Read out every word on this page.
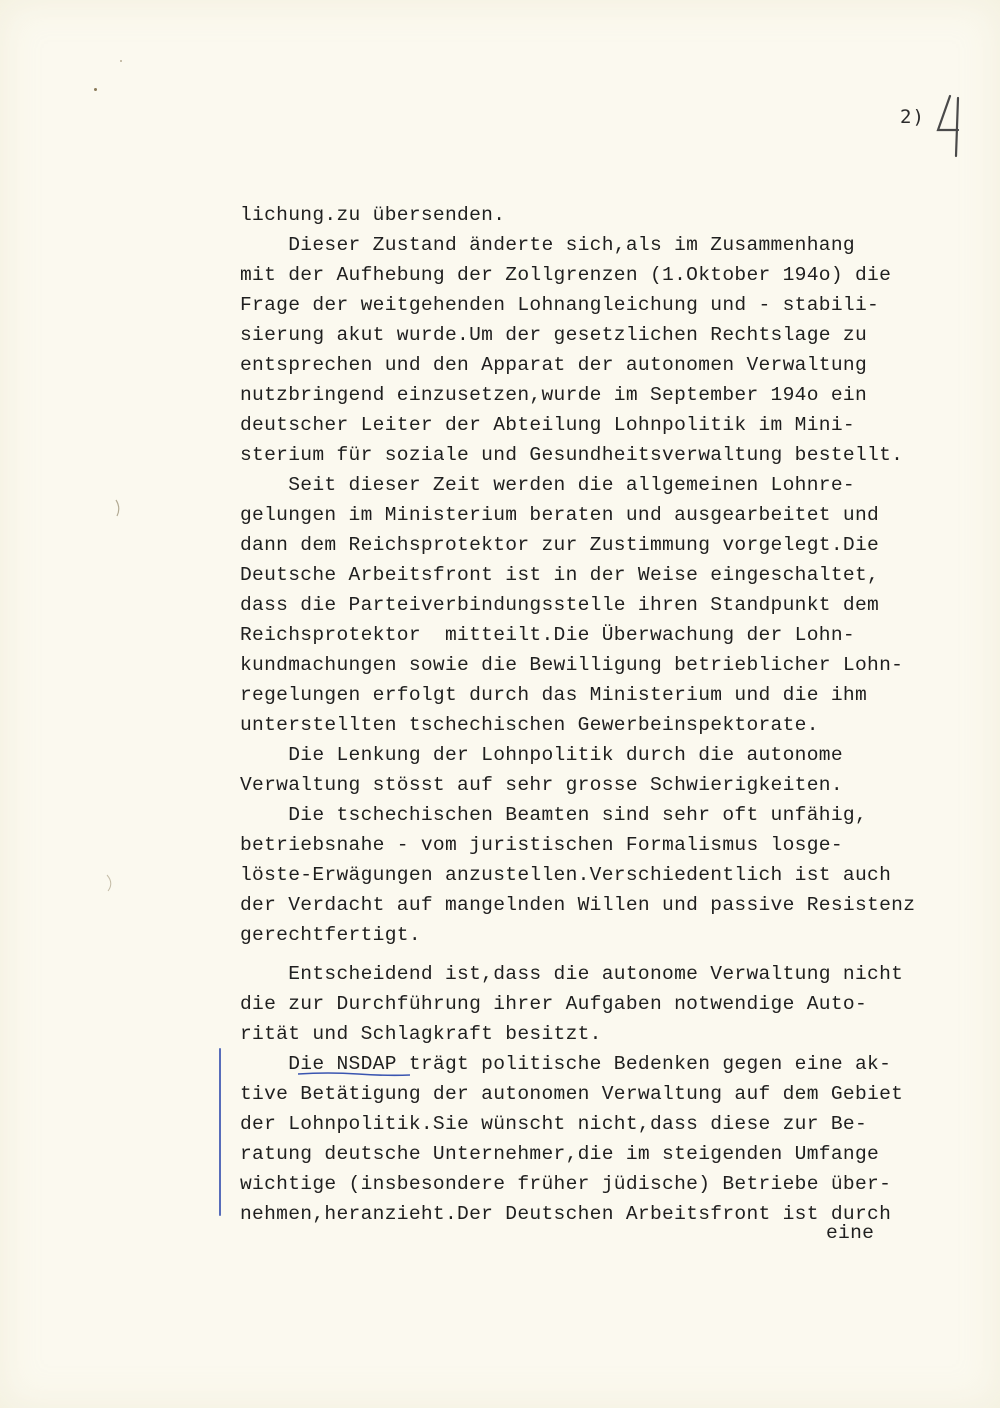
2)
lichung.zu übersenden.
Dieser Zustand änderte sich,als im Zusammenhang
mit der Aufhebung der Zollgrenzen (1.Oktober 194o) die
Frage der weitgehenden Lohnangleichung und - stabili-
sierung akut wurde.Um der gesetzlichen Rechtslage zu
entsprechen und den Apparat der autonomen Verwaltung
nutzbringend einzusetzen,wurde im September 194o ein
deutscher Leiter der Abteilung Lohnpolitik im Mini-
sterium für soziale und Gesundheitsverwaltung bestellt.
Seit dieser Zeit werden die allgemeinen Lohnre-
gelungen im Ministerium beraten und ausgearbeitet und
dann dem Reichsprotektor zur Zustimmung vorgelegt.Die
Deutsche Arbeitsfront ist in der Weise eingeschaltet,
dass die Parteiverbindungsstelle ihren Standpunkt dem
Reichsprotektor  mitteilt.Die Überwachung der Lohn-
kundmachungen sowie die Bewilligung betrieblicher Lohn-
regelungen erfolgt durch das Ministerium und die ihm
unterstellten tschechischen Gewerbeinspektorate.
Die Lenkung der Lohnpolitik durch die autonome
Verwaltung stösst auf sehr grosse Schwierigkeiten.
Die tschechischen Beamten sind sehr oft unfähig,
betriebsnahe - vom juristischen Formalismus losge-
löste-Erwägungen anzustellen.Verschiedentlich ist auch
der Verdacht auf mangelnden Willen und passive Resistenz
gerechtfertigt.
Entscheidend ist,dass die autonome Verwaltung nicht
die zur Durchführung ihrer Aufgaben notwendige Auto-
rität und Schlagkraft besitzt.
Die NSDAP trägt politische Bedenken gegen eine ak-
tive Betätigung der autonomen Verwaltung auf dem Gebiet
der Lohnpolitik.Sie wünscht nicht,dass diese zur Be-
ratung deutsche Unternehmer,die im steigenden Umfange
wichtige (insbesondere früher jüdische) Betriebe über-
nehmen,heranzieht.Der Deutschen Arbeitsfront ist durch
eine
